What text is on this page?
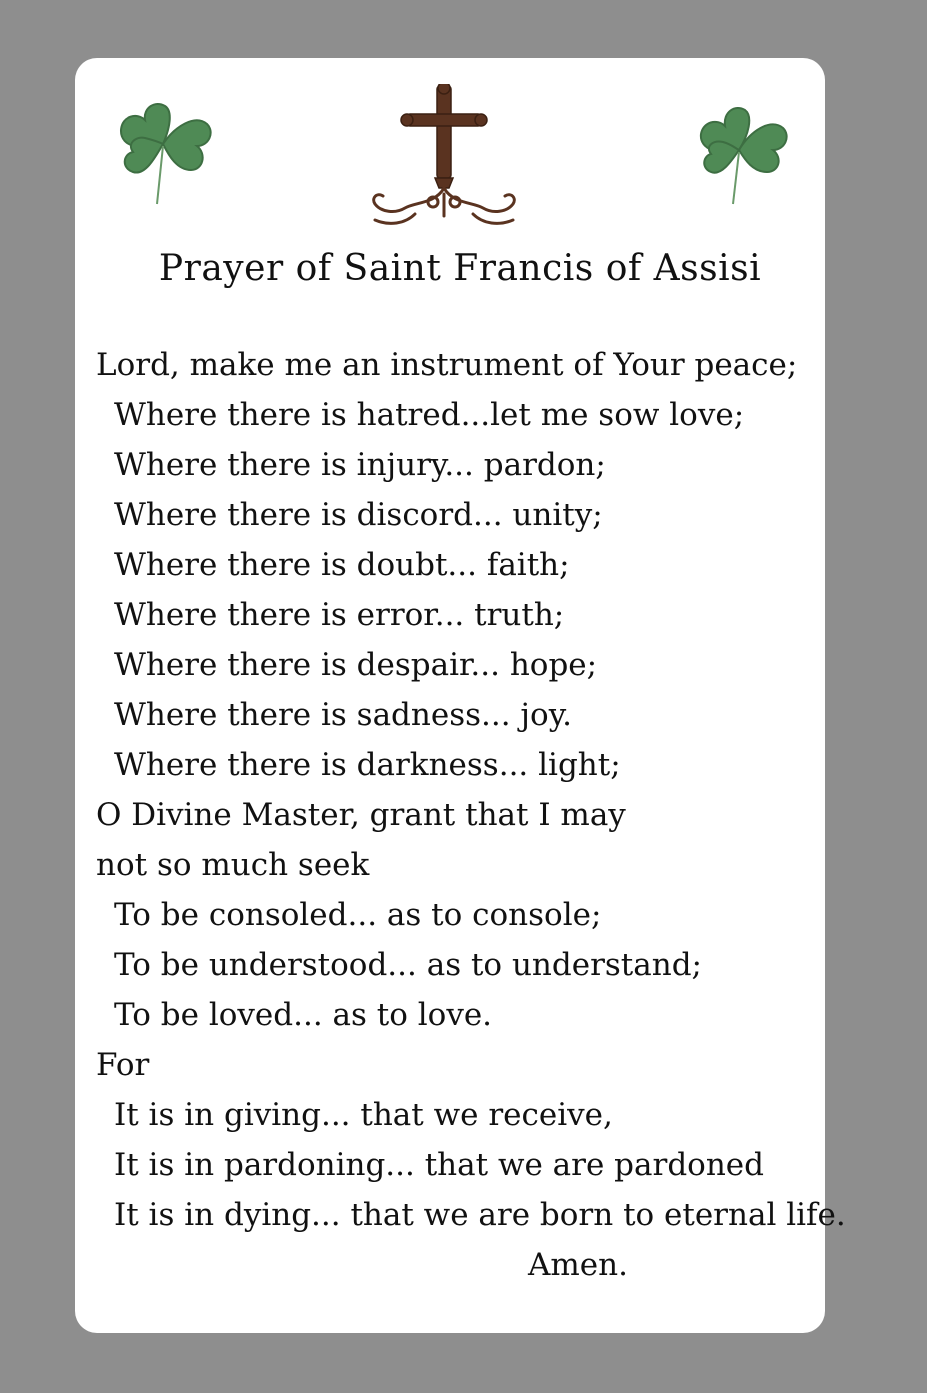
Prayer of Saint Francis of Assisi
Lord, make me an instrument of Your peace;
Where there is hatred...let me sow love;
Where there is injury... pardon;
Where there is discord... unity;
Where there is doubt... faith;
Where there is error... truth;
Where there is despair... hope;
Where there is sadness... joy.
Where there is darkness... light;
O Divine Master, grant that I may
not so much seek
To be consoled... as to console;
To be understood... as to understand;
To be loved... as to love.
For
It is in giving... that we receive,
It is in pardoning... that we are pardoned
It is in dying... that we are born to eternal life.
Amen.
